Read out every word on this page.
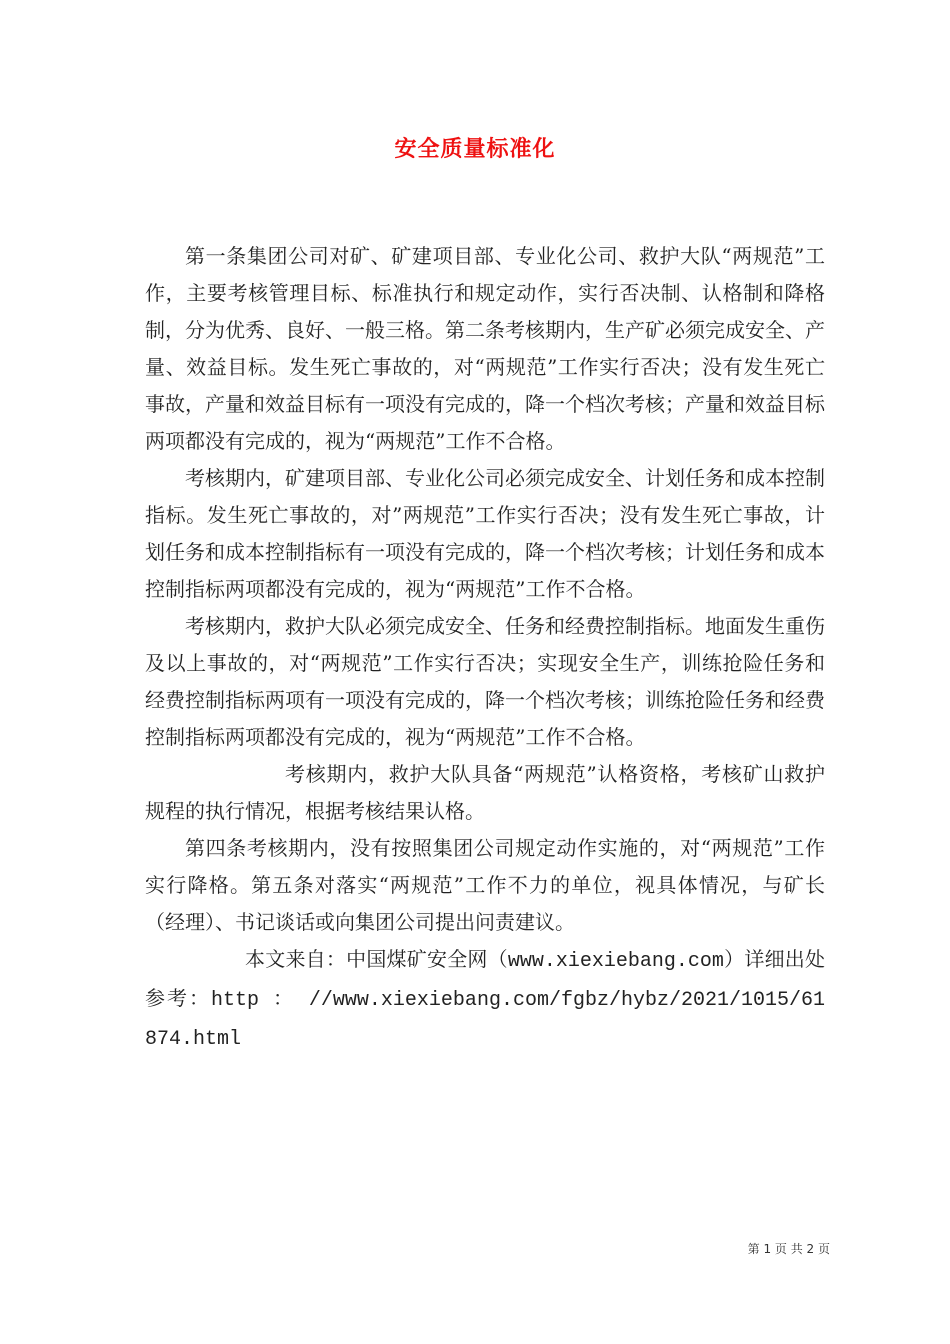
安全质量标准化

第一条集团公司对矿、矿建项目部、专业化公司、救护大队“两规范”工作，主要考核管理目标、标准执行和规定动作，实行否决制、认格制和降格制，分为优秀、良好、一般三格。第二条考核期内，生产矿必须完成安全、产量、效益目标。发生死亡事故的，对“两规范”工作实行否决；没有发生死亡事故，产量和效益目标有一项没有完成的，降一个档次考核；产量和效益目标两项都没有完成的，视为“两规范”工作不合格。

考核期内，矿建项目部、专业化公司必须完成安全、计划任务和成本控制指标。发生死亡事故的，对”两规范”工作实行否决；没有发生死亡事故，计划任务和成本控制指标有一项没有完成的，降一个档次考核；计划任务和成本控制指标两项都没有完成的，视为“两规范”工作不合格。

考核期内，救护大队必须完成安全、任务和经费控制指标。地面发生重伤及以上事故的，对“两规范”工作实行否决；实现安全生产，训练抢险任务和经费控制指标两项有一项没有完成的，降一个档次考核；训练抢险任务和经费控制指标两项都没有完成的，视为“两规范”工作不合格。

考核期内，救护大队具备“两规范”认格资格，考核矿山救护规程的执行情况，根据考核结果认格。

第四条考核期内，没有按照集团公司规定动作实施的，对“两规范”工作实行降格。第五条对落实“两规范”工作不力的单位，视具体情况，与矿长（经理）、书记谈话或向集团公司提出问责建议。

本文来自：中国煤矿安全网（www.xiexiebang.com）详细出处参考：http ： //www.xiexiebang.com/fgbz/hybz/2021/1015/61874.html

第 1 页 共 2 页
